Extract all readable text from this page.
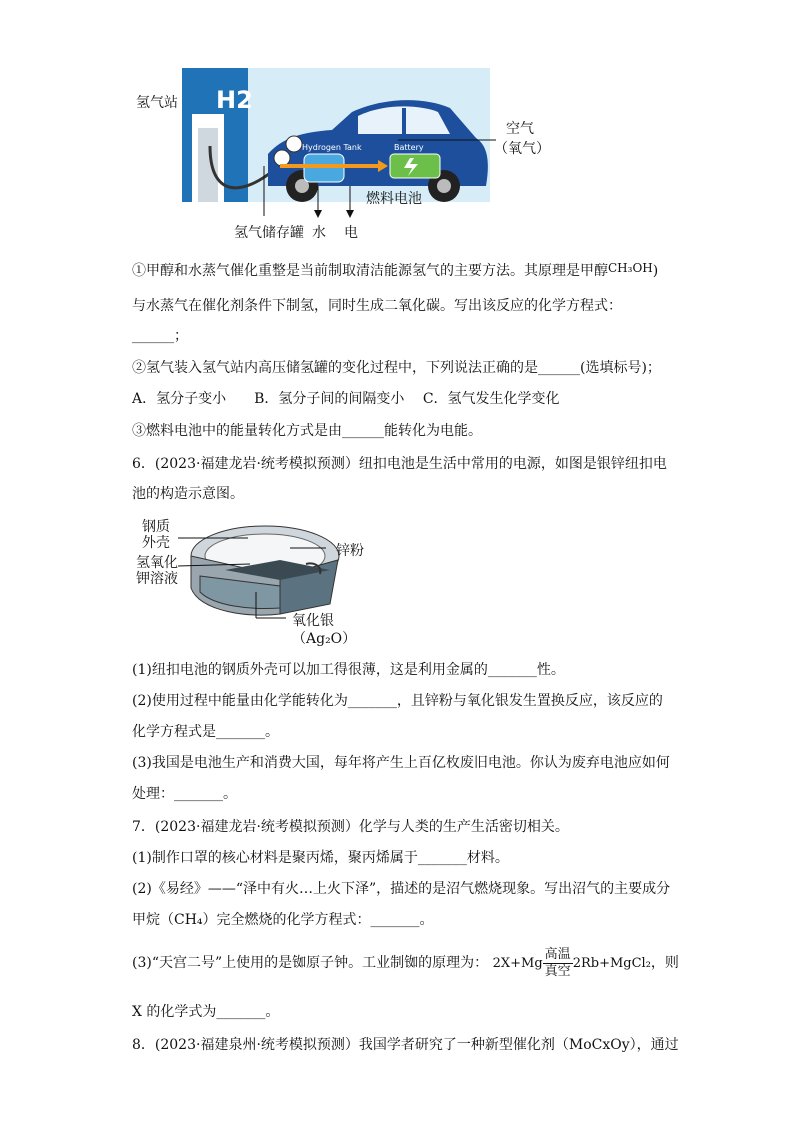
氢气站 H2
Hydrogen Tank	Battery
空气
（氧气）
燃料电池
氢气储存罐 水 电
①甲醇和水蒸气催化重整是当前制取清洁能源氢气的主要方法。其原理是甲醇CH₃OH)
与水蒸气在催化剂条件下制氢，同时生成二氧化碳。写出该反应的化学方程式：
______；
②氢气装入氢气站内高压储氢罐的变化过程中，下列说法正确的是______(选填标号)；
A．氢分子变小　　B．氢分子间的间隔变小　 C．氢气发生化学变化
③燃料电池中的能量转化方式是由______能转化为电能。
6．(2023·福建龙岩·统考模拟预测）纽扣电池是生活中常用的电源，如图是银锌纽扣电
池的构造示意图。
钢质
外壳
氢氧化
钾溶液
锌粉
氧化银
（Ag₂O）
(1)纽扣电池的钢质外壳可以加工得很薄，这是利用金属的_______性。
(2)使用过程中能量由化学能转化为_______，且锌粉与氧化银发生置换反应，该反应的
化学方程式是_______。
(3)我国是电池生产和消费大国，每年将产生上百亿枚废旧电池。你认为废弃电池应如何
处理：_______。
7．(2023·福建龙岩·统考模拟预测）化学与人类的生产生活密切相关。
(1)制作口罩的核心材料是聚丙烯，聚丙烯属于_______材料。
(2)《易经》——“泽中有火…上火下泽”，描述的是沼气燃烧现象。写出沼气的主要成分
甲烷（CH₄）完全燃烧的化学方程式：_______。
(3)“天宫二号”上使用的是铷原子钟。工业制铷的原理为： $2X+Mg \frac{\text{高温}}{\text{真空}}$ 2Rb+MgCl₂，则
X 的化学式为_______。
8．(2023·福建泉州·统考模拟预测）我国学者研究了一种新型催化剂（MoCxOy），通过
